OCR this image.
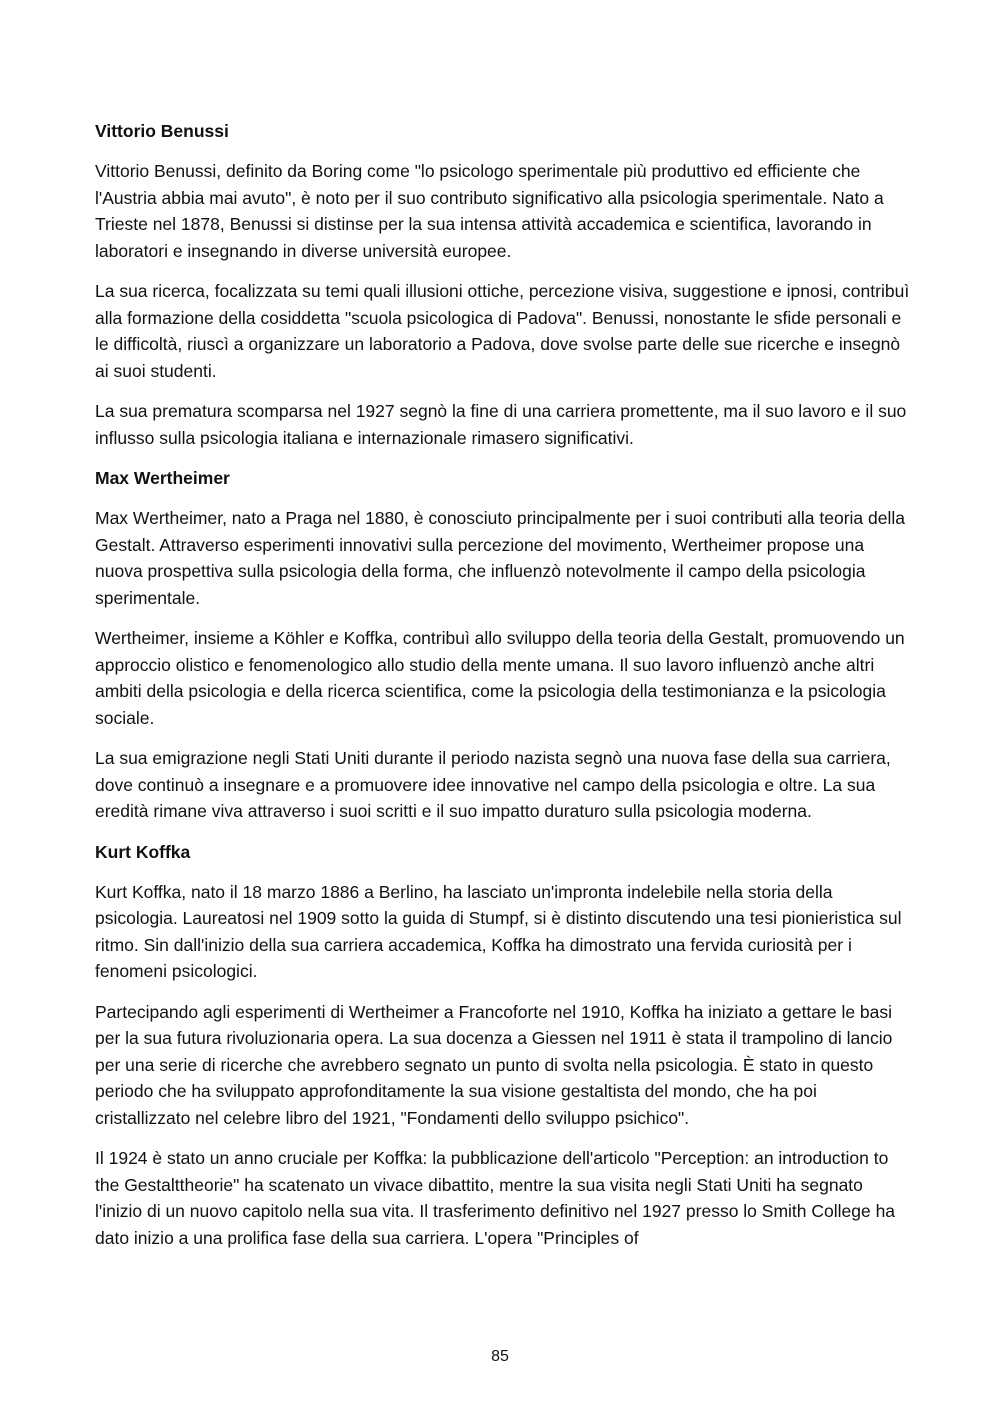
Vittorio Benussi

Vittorio Benussi, definito da Boring come "lo psicologo sperimentale più produttivo ed efficiente che l'Austria abbia mai avuto", è noto per il suo contributo significativo alla psicologia sperimentale. Nato a Trieste nel 1878, Benussi si distinse per la sua intensa attività accademica e scientifica, lavorando in laboratori e insegnando in diverse università europee.

La sua ricerca, focalizzata su temi quali illusioni ottiche, percezione visiva, suggestione e ipnosi, contribuì alla formazione della cosiddetta "scuola psicologica di Padova". Benussi, nonostante le sfide personali e le difficoltà, riuscì a organizzare un laboratorio a Padova, dove svolse parte delle sue ricerche e insegnò ai suoi studenti.

La sua prematura scomparsa nel 1927 segnò la fine di una carriera promettente, ma il suo lavoro e il suo influsso sulla psicologia italiana e internazionale rimasero significativi.

Max Wertheimer

Max Wertheimer, nato a Praga nel 1880, è conosciuto principalmente per i suoi contributi alla teoria della Gestalt. Attraverso esperimenti innovativi sulla percezione del movimento, Wertheimer propose una nuova prospettiva sulla psicologia della forma, che influenzò notevolmente il campo della psicologia sperimentale.

Wertheimer, insieme a Köhler e Koffka, contribuì allo sviluppo della teoria della Gestalt, promuovendo un approccio olistico e fenomenologico allo studio della mente umana. Il suo lavoro influenzò anche altri ambiti della psicologia e della ricerca scientifica, come la psicologia della testimonianza e la psicologia sociale.

La sua emigrazione negli Stati Uniti durante il periodo nazista segnò una nuova fase della sua carriera, dove continuò a insegnare e a promuovere idee innovative nel campo della psicologia e oltre. La sua eredità rimane viva attraverso i suoi scritti e il suo impatto duraturo sulla psicologia moderna.

Kurt Koffka

Kurt Koffka, nato il 18 marzo 1886 a Berlino, ha lasciato un'impronta indelebile nella storia della psicologia. Laureatosi nel 1909 sotto la guida di Stumpf, si è distinto discutendo una tesi pionieristica sul ritmo. Sin dall'inizio della sua carriera accademica, Koffka ha dimostrato una fervida curiosità per i fenomeni psicologici.

Partecipando agli esperimenti di Wertheimer a Francoforte nel 1910, Koffka ha iniziato a gettare le basi per la sua futura rivoluzionaria opera. La sua docenza a Giessen nel 1911 è stata il trampolino di lancio per una serie di ricerche che avrebbero segnato un punto di svolta nella psicologia. È stato in questo periodo che ha sviluppato approfonditamente la sua visione gestaltista del mondo, che ha poi cristallizzato nel celebre libro del 1921, "Fondamenti dello sviluppo psichico".

Il 1924 è stato un anno cruciale per Koffka: la pubblicazione dell'articolo "Perception: an introduction to the Gestalttheorie" ha scatenato un vivace dibattito, mentre la sua visita negli Stati Uniti ha segnato l'inizio di un nuovo capitolo nella sua vita. Il trasferimento definitivo nel 1927 presso lo Smith College ha dato inizio a una prolifica fase della sua carriera. L'opera "Principles of

85
